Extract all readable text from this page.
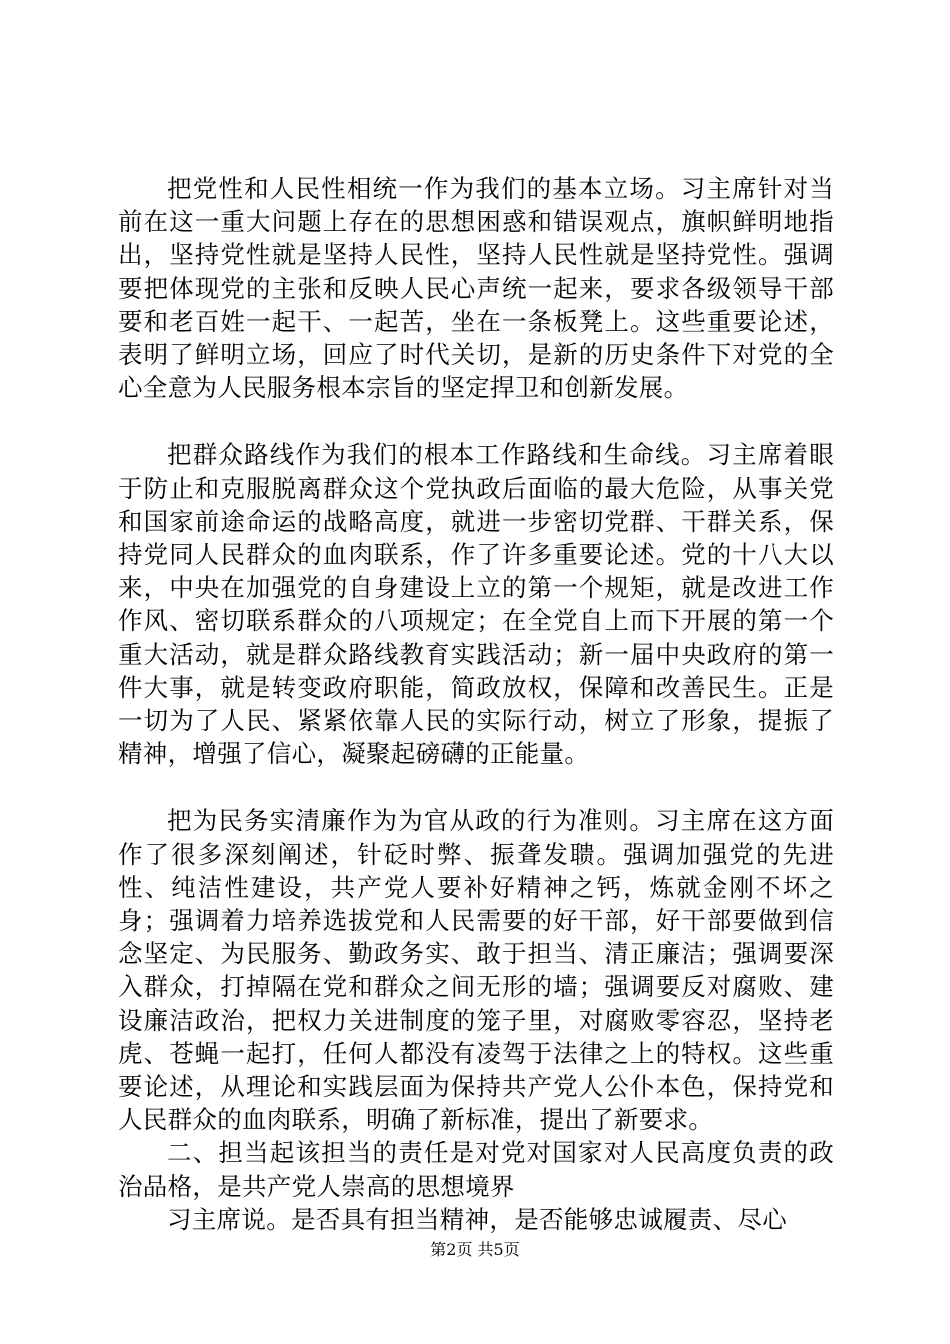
把党性和人民性相统一作为我们的基本立场。习主席针对当前在这一重大问题上存在的思想困惑和错误观点，旗帜鲜明地指出，坚持党性就是坚持人民性，坚持人民性就是坚持党性。强调要把体现党的主张和反映人民心声统一起来，要求各级领导干部要和老百姓一起干、一起苦，坐在一条板凳上。这些重要论述，表明了鲜明立场，回应了时代关切，是新的历史条件下对党的全心全意为人民服务根本宗旨的坚定捍卫和创新发展。

把群众路线作为我们的根本工作路线和生命线。习主席着眼于防止和克服脱离群众这个党执政后面临的最大危险，从事关党和国家前途命运的战略高度，就进一步密切党群、干群关系，保持党同人民群众的血肉联系，作了许多重要论述。党的十八大以来，中央在加强党的自身建设上立的第一个规矩，就是改进工作作风、密切联系群众的八项规定；在全党自上而下开展的第一个重大活动，就是群众路线教育实践活动；新一届中央政府的第一件大事，就是转变政府职能，简政放权，保障和改善民生。正是一切为了人民、紧紧依靠人民的实际行动，树立了形象，提振了精神，增强了信心，凝聚起磅礴的正能量。

把为民务实清廉作为为官从政的行为准则。习主席在这方面作了很多深刻阐述，针砭时弊、振聋发聩。强调加强党的先进性、纯洁性建设，共产党人要补好精神之钙，炼就金刚不坏之身；强调着力培养选拔党和人民需要的好干部，好干部要做到信念坚定、为民服务、勤政务实、敢于担当、清正廉洁；强调要深入群众，打掉隔在党和群众之间无形的墙；强调要反对腐败、建设廉洁政治，把权力关进制度的笼子里，对腐败零容忍，坚持老虎、苍蝇一起打，任何人都没有凌驾于法律之上的特权。这些重要论述，从理论和实践层面为保持共产党人公仆本色，保持党和人民群众的血肉联系，明确了新标准，提出了新要求。

二、担当起该担当的责任是对党对国家对人民高度负责的政治品格，是共产党人崇高的思想境界

习主席说。是否具有担当精神，是否能够忠诚履责、尽心

第2页 共5页
